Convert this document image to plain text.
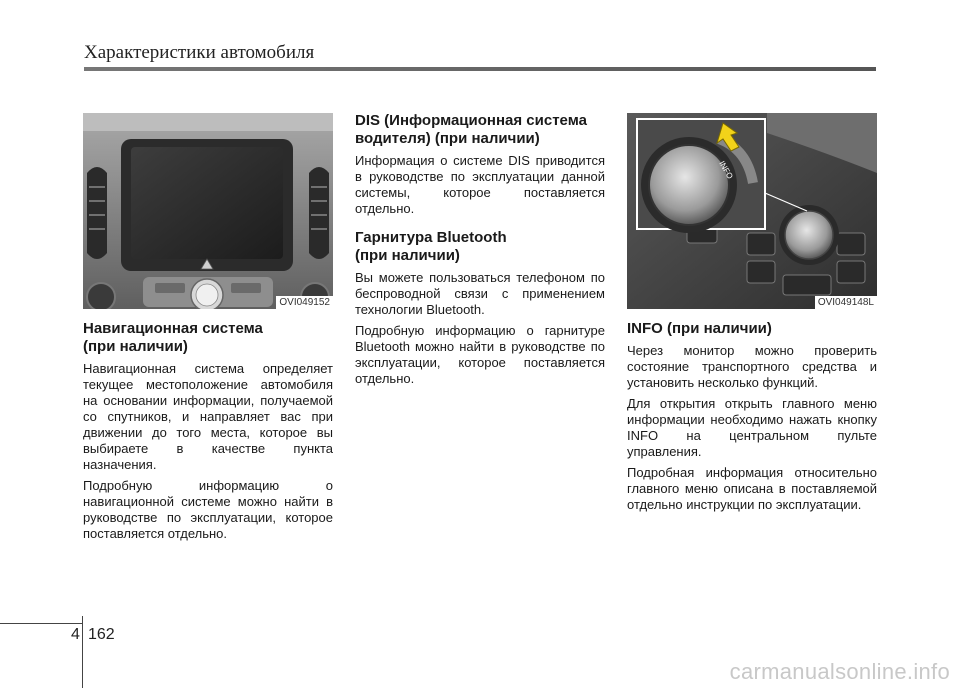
Характеристики автомобиля
OVI049152
Навигационная система
(при наличии)

Навигационная система определяет текущее местоположение автомобиля на основании информации, получаемой со спутников, и направляет вас при движении до того места, которое вы выбираете в качестве пункта назначения.

Подробную информацию о навигационной системе можно найти в руководстве по эксплуатации, которое поставляется отдельно.

DIS (Информационная система водителя) (при наличии)

Информация о системе DIS приводится в руководстве по эксплуатации данной системы, которое поставляется отдельно.

Гарнитура Bluetooth
(при наличии)

Вы можете пользоваться телефоном по беспроводной связи с применением технологии Bluetooth.

Подробную информацию о гарнитуре Bluetooth можно найти в руководстве по эксплуатации, которое поставляется отдельно.

INFO
OVI049148L
INFO (при наличии)

Через монитор можно проверить состояние транспортного средства и установить несколько функций.

Для открытия открыть главного меню информации необходимо нажать кнопку INFO на центральном пульте управления.

Подробная информация относительно главного меню описана в поставляемой отдельно инструкции по эксплуатации.

4 162
carmanualsonline.info
